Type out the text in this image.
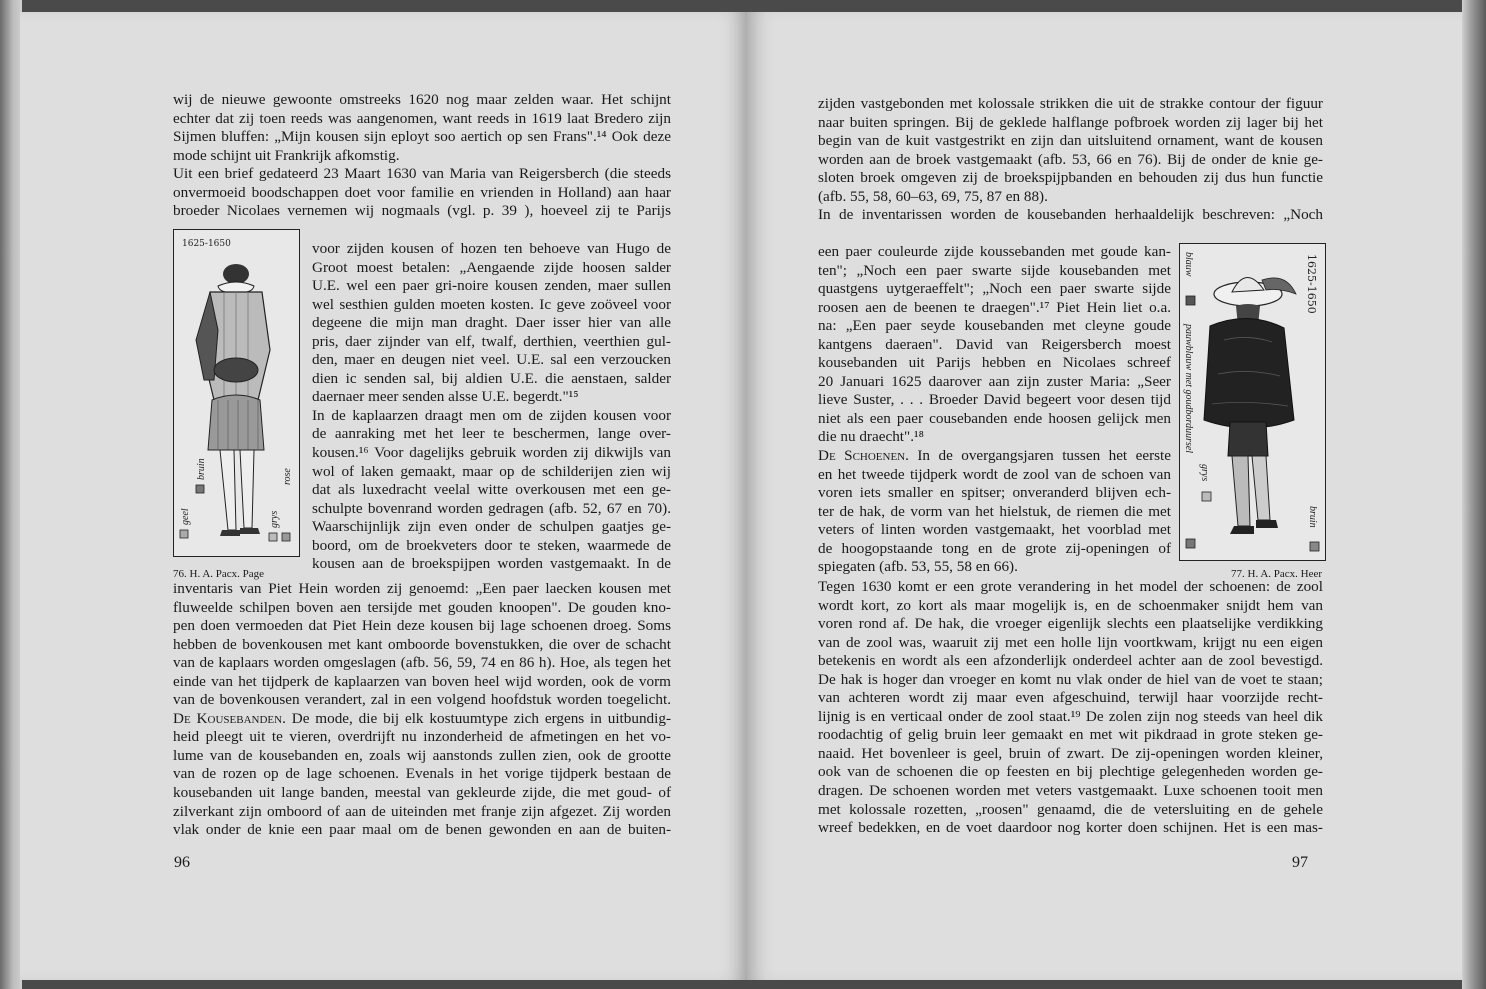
wij de nieuwe gewoonte omstreeks 1620 nog maar zelden waar. Het schijnt
echter dat zij toen reeds was aangenomen, want reeds in 1619 laat Bredero zijn
Sijmen bluffen: „Mijn kousen sijn eployt soo aertich op sen Frans".¹⁴ Ook deze
mode schijnt uit Frankrijk afkomstig.
Uit een brief gedateerd 23 Maart 1630 van Maria van Reigersberch (die steeds
onvermoeid boodschappen doet voor familie en vrienden in Holland) aan haar
broeder Nicolaes vernemen wij nogmaals (vgl. p. 39 ), hoeveel zij te Parijs
1625-1650
geel
bruin
grys
rose
76. H. A. Pacx. Page
voor zijden kousen of hozen ten behoeve van Hugo de
Groot moest betalen: „Aengaende zijde hoosen salder
U.E. wel een paer gri-noire kousen zenden, maer sullen
wel sesthien gulden moeten kosten. Ic geve zoöveel voor
degeene die mijn man draght. Daer isser hier van alle
pris, daer zijnder van elf, twalf, derthien, veerthien gul-
den, maer en deugen niet veel. U.E. sal een verzoucken
dien ic senden sal, bij aldien U.E. die aenstaen, salder
daernaer meer senden alsse U.E. begerdt."¹⁵
In de kaplaarzen draagt men om de zijden kousen voor
de aanraking met het leer te beschermen, lange over-
kousen.¹⁶ Voor dagelijks gebruik worden zij dikwijls van
wol of laken gemaakt, maar op de schilderijen zien wij
dat als luxedracht veelal witte overkousen met een ge-
schulpte bovenrand worden gedragen (afb. 52, 67 en 70).
Waarschijnlijk zijn even onder de schulpen gaatjes ge-
boord, om de broekveters door te steken, waarmede de
kousen aan de broekspijpen worden vastgemaakt. In de
inventaris van Piet Hein worden zij genoemd: „Een paer laecken kousen met
fluweelde schilpen boven aen tersijde met gouden knoopen". De gouden kno-
pen doen vermoeden dat Piet Hein deze kousen bij lage schoenen droeg. Soms
hebben de bovenkousen met kant omboorde bovenstukken, die over de schacht
van de kaplaars worden omgeslagen (afb. 56, 59, 74 en 86 h). Hoe, als tegen het
einde van het tijdperk de kaplaarzen van boven heel wijd worden, ook de vorm
van de bovenkousen verandert, zal in een volgend hoofdstuk worden toegelicht.
De Kousebanden. De mode, die bij elk kostuumtype zich ergens in uitbundig-
heid pleegt uit te vieren, overdrijft nu inzonderheid de afmetingen en het vo-
lume van de kousebanden en, zoals wij aanstonds zullen zien, ook de grootte
van de rozen op de lage schoenen. Evenals in het vorige tijdperk bestaan de
kousebanden uit lange banden, meestal van gekleurde zijde, die met goud- of
zilverkant zijn omboord of aan de uiteinden met franje zijn afgezet. Zij worden
vlak onder de knie een paar maal om de benen gewonden en aan de buiten-
96
zijden vastgebonden met kolossale strikken die uit de strakke contour der figuur
naar buiten springen. Bij de geklede halflange pofbroek worden zij lager bij het
begin van de kuit vastgestrikt en zijn dan uitsluitend ornament, want de kousen
worden aan de broek vastgemaakt (afb. 53, 66 en 76). Bij de onder de knie ge-
sloten broek omgeven zij de broekspijpbanden en behouden zij dus hun functie
(afb. 55, 58, 60–63, 69, 75, 87 en 88).
In de inventarissen worden de kousebanden herhaaldelijk beschreven: „Noch
een paer couleurde zijde koussebanden met goude kan-
ten"; „Noch een paer swarte sijde kousebanden met
quastgens uytgeraeffelt"; „Noch een paer swarte sijde
roosen aen de beenen te draegen".¹⁷ Piet Hein liet o.a.
na: „Een paer seyde kousebanden met cleyne goude
kantgens daeraen". David van Reigersberch moest
kousebanden uit Parijs hebben en Nicolaes schreef
20 Januari 1625 daarover aan zijn zuster Maria: „Seer
lieve Suster, . . . Broeder David begeert voor desen tijd
niet als een paer cousebanden ende hoosen gelijck men
die nu draecht".¹⁸
De Schoenen. In de overgangsjaren tussen het eerste
en het tweede tijdperk wordt de zool van de schoen van
voren iets smaller en spitser; onveranderd blijven ech-
ter de hak, de vorm van het hielstuk, de riemen die met
veters of linten worden vastgemaakt, het voorblad met
de hoogopstaande tong en de grote zij-openingen of
spiegaten (afb. 53, 55, 58 en 66).
1625-1650
blauw
pauwblauw met goudborduursel
grys
bruin
77. H. A. Pacx. Heer
Tegen 1630 komt er een grote verandering in het model der schoenen: de zool
wordt kort, zo kort als maar mogelijk is, en de schoenmaker snijdt hem van
voren rond af. De hak, die vroeger eigenlijk slechts een plaatselijke verdikking
van de zool was, waaruit zij met een holle lijn voortkwam, krijgt nu een eigen
betekenis en wordt als een afzonderlijk onderdeel achter aan de zool bevestigd.
De hak is hoger dan vroeger en komt nu vlak onder de hiel van de voet te staan;
van achteren wordt zij maar even afgeschuind, terwijl haar voorzijde recht-
lijnig is en verticaal onder de zool staat.¹⁹ De zolen zijn nog steeds van heel dik
roodachtig of gelig bruin leer gemaakt en met wit pikdraad in grote steken ge-
naaid. Het bovenleer is geel, bruin of zwart. De zij-openingen worden kleiner,
ook van de schoenen die op feesten en bij plechtige gelegenheden worden ge-
dragen. De schoenen worden met veters vastgemaakt. Luxe schoenen tooit men
met kolossale rozetten, „roosen" genaamd, die de vetersluiting en de gehele
wreef bedekken, en de voet daardoor nog korter doen schijnen. Het is een mas-
97
